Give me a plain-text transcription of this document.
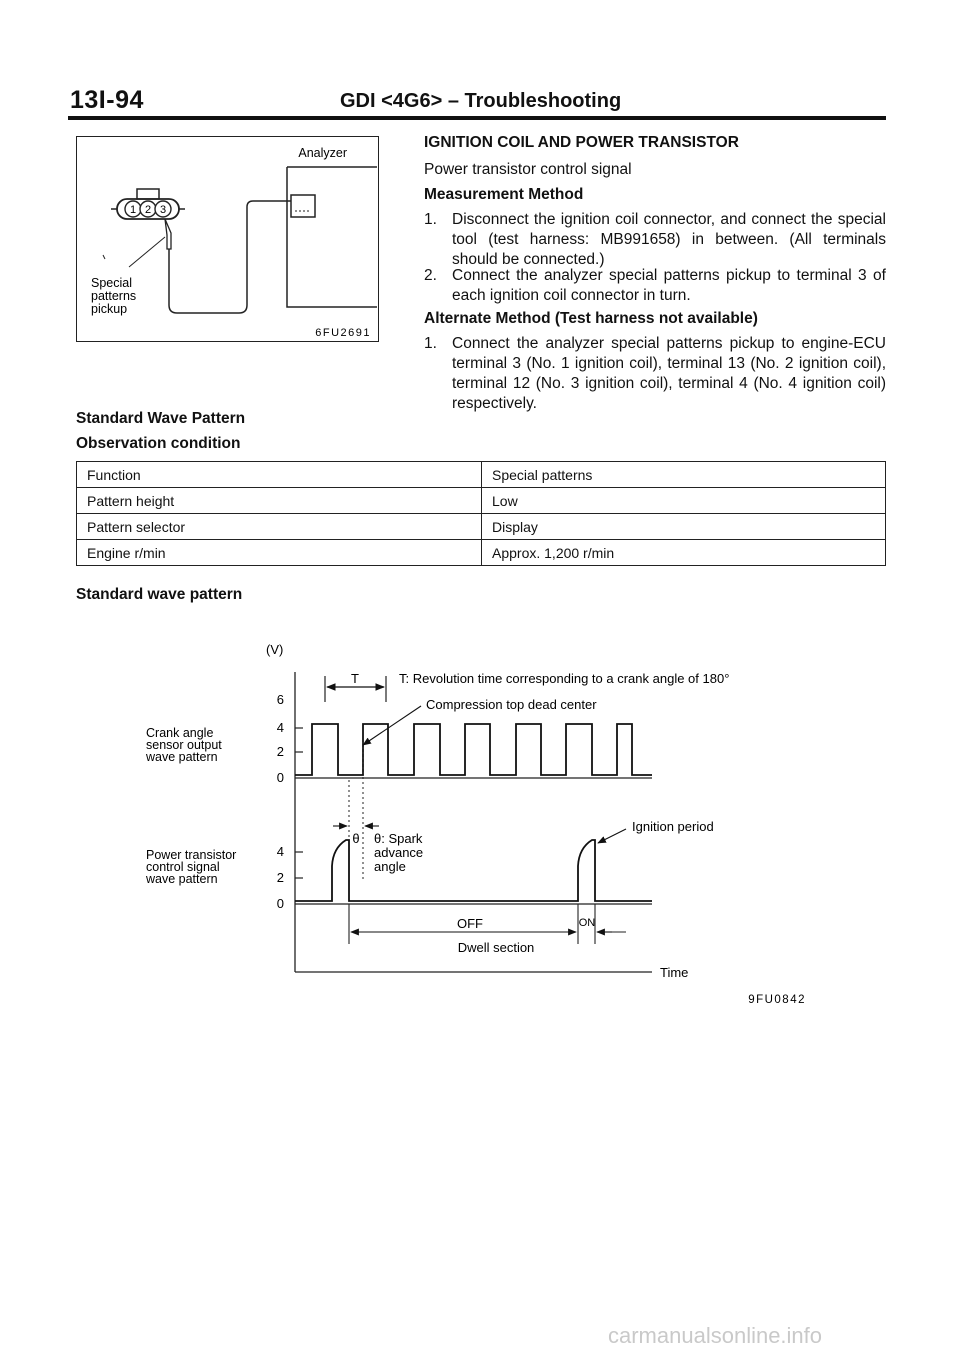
13I-94	GDI <4G6> – Troubleshooting
1 2 3
Analyzer
Special
patterns
pickup
6FU2691
IGNITION COIL AND POWER TRANSISTOR
Power transistor control signal
Measurement Method
1. Disconnect the ignition coil connector, and connect the special tool (test harness: MB991658) in between. (All terminals should be connected.)
2. Connect the analyzer special patterns pickup to terminal 3 of each ignition coil connector in turn.
Alternate Method (Test harness not available)
1. Connect the analyzer special patterns pickup to engine-ECU terminal 3 (No. 1 ignition coil), terminal 13 (No. 2 ignition coil), terminal 12 (No. 3 ignition coil), terminal 4 (No. 4 ignition coil) respectively.
Standard Wave Pattern
Observation condition
Function	Special patterns
Pattern height	Low
Pattern selector	Display
Engine r/min	Approx. 1,200 r/min
Standard wave pattern
(V)
6
4
2
0
Crank angle
sensor output
wave pattern
T	T: Revolution time corresponding to a crank angle of 180°
Compression top dead center
θ θ: Spark
advance
angle
4
2
0
Power transistor
control signal
wave pattern
Ignition period
OFF	ON
Dwell section
Time
9FU0842
carmanualsonline.info
